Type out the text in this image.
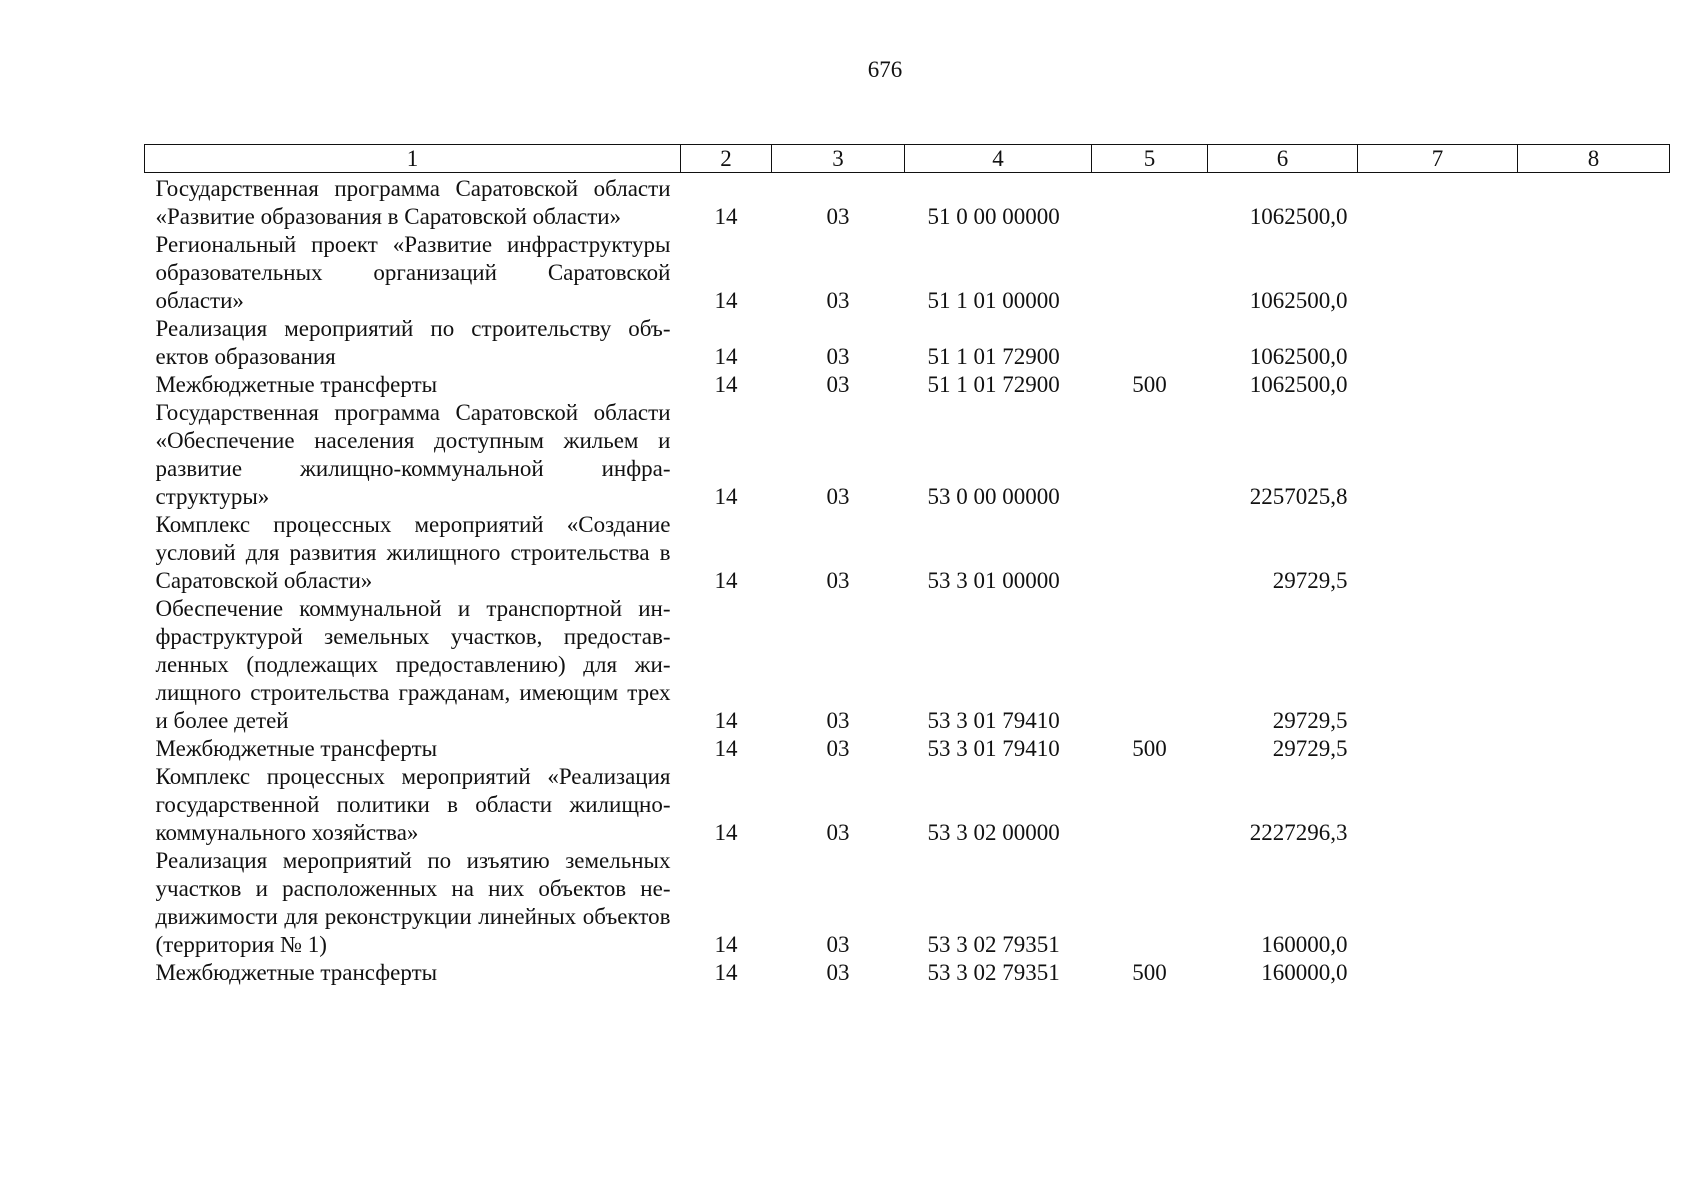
676
1	2	3	4	5	6	7	8
Государственная программа Саратовской области «Развитие образования в Саратовской области»	14	03	51 0 00 00000		1062500,0		
Региональный проект «Развитие инфраструктуры образовательных организаций Саратовской области»	14	03	51 1 01 00000		1062500,0		
Реализация мероприятий по строительству объектов образования	14	03	51 1 01 72900		1062500,0		
Межбюджетные трансферты	14	03	51 1 01 72900	500	1062500,0		
Государственная программа Саратовской области «Обеспечение населения доступным жильем и развитие жилищно-коммунальной инфраструктуры»	14	03	53 0 00 00000		2257025,8		
Комплекс процессных мероприятий «Создание условий для развития жилищного строительства в Саратовской области»	14	03	53 3 01 00000		29729,5		
Обеспечение коммунальной и транспортной инфраструктурой земельных участков, предоставленных (подлежащих предоставлению) для жилищного строительства гражданам, имеющим трех и более детей	14	03	53 3 01 79410		29729,5		
Межбюджетные трансферты	14	03	53 3 01 79410	500	29729,5		
Комплекс процессных мероприятий «Реализация государственной политики в области жилищно-коммунального хозяйства»	14	03	53 3 02 00000		2227296,3		
Реализация мероприятий по изъятию земельных участков и расположенных на них объектов недвижимости для реконструкции линейных объектов (территория № 1)	14	03	53 3 02 79351		160000,0		
Межбюджетные трансферты	14	03	53 3 02 79351	500	160000,0		
